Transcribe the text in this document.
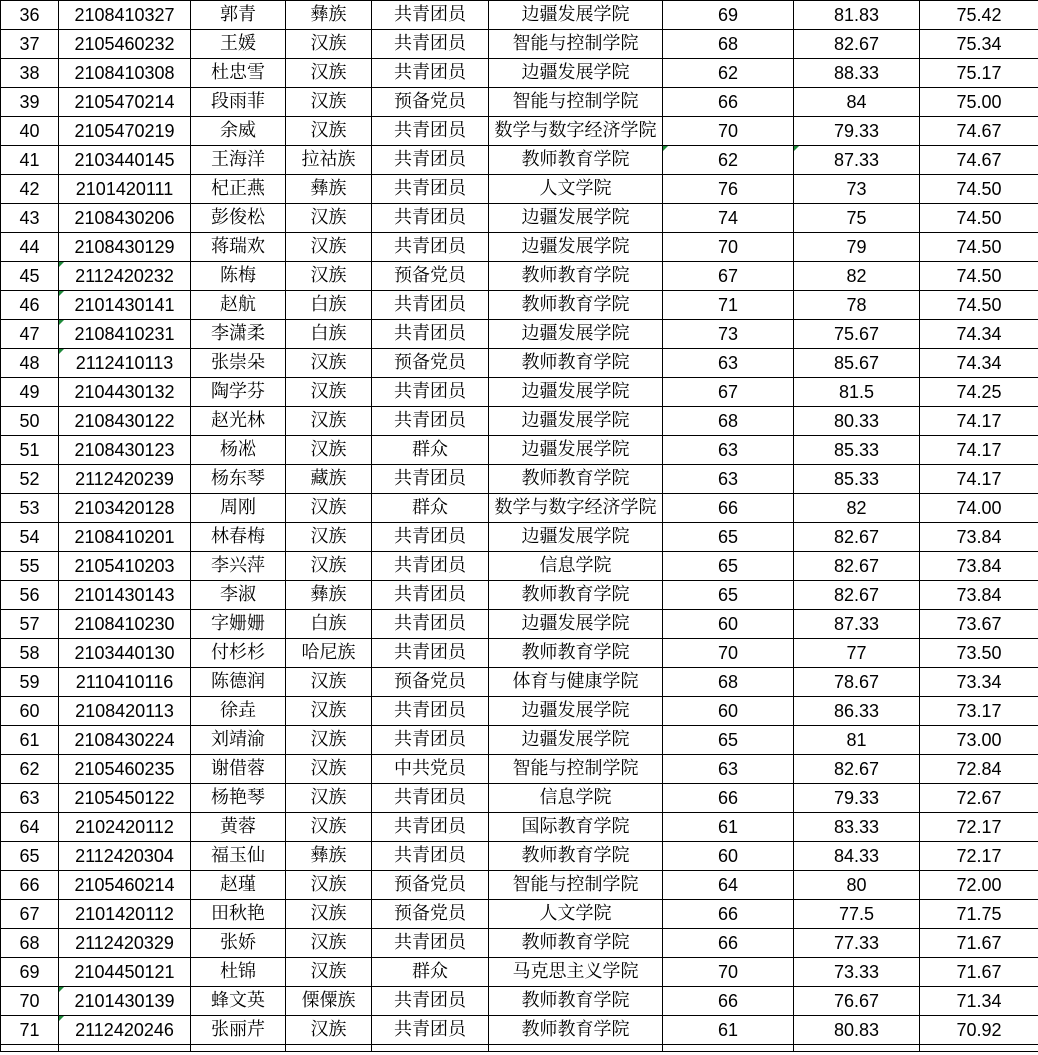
36	2108410327	郭青	彝族	共青团员	边疆发展学院	69	81.83	75.42
37	2105460232	王媛	汉族	共青团员	智能与控制学院	68	82.67	75.34
38	2108410308	杜忠雪	汉族	共青团员	边疆发展学院	62	88.33	75.17
39	2105470214	段雨菲	汉族	预备党员	智能与控制学院	66	84	75.00
40	2105470219	余威	汉族	共青团员	数学与数字经济学院	70	79.33	74.67
41	2103440145	王海洋	拉祜族	共青团员	教师教育学院	62	87.33	74.67
42	2101420111	杞正燕	彝族	共青团员	人文学院	76	73	74.50
43	2108430206	彭俊松	汉族	共青团员	边疆发展学院	74	75	74.50
44	2108430129	蒋瑞欢	汉族	共青团员	边疆发展学院	70	79	74.50
45	2112420232	陈梅	汉族	预备党员	教师教育学院	67	82	74.50
46	2101430141	赵航	白族	共青团员	教师教育学院	71	78	74.50
47	2108410231	李潇柔	白族	共青团员	边疆发展学院	73	75.67	74.34
48	2112410113	张崇朵	汉族	预备党员	教师教育学院	63	85.67	74.34
49	2104430132	陶学芬	汉族	共青团员	边疆发展学院	67	81.5	74.25
50	2108430122	赵光林	汉族	共青团员	边疆发展学院	68	80.33	74.17
51	2108430123	杨凇	汉族	群众	边疆发展学院	63	85.33	74.17
52	2112420239	杨东琴	藏族	共青团员	教师教育学院	63	85.33	74.17
53	2103420128	周刚	汉族	群众	数学与数字经济学院	66	82	74.00
54	2108410201	林春梅	汉族	共青团员	边疆发展学院	65	82.67	73.84
55	2105410203	李兴萍	汉族	共青团员	信息学院	65	82.67	73.84
56	2101430143	李淑	彝族	共青团员	教师教育学院	65	82.67	73.84
57	2108410230	字姗姗	白族	共青团员	边疆发展学院	60	87.33	73.67
58	2103440130	付杉杉	哈尼族	共青团员	教师教育学院	70	77	73.50
59	2110410116	陈德润	汉族	预备党员	体育与健康学院	68	78.67	73.34
60	2108420113	徐垚	汉族	共青团员	边疆发展学院	60	86.33	73.17
61	2108430224	刘靖渝	汉族	共青团员	边疆发展学院	65	81	73.00
62	2105460235	谢借蓉	汉族	中共党员	智能与控制学院	63	82.67	72.84
63	2105450122	杨艳琴	汉族	共青团员	信息学院	66	79.33	72.67
64	2102420112	黄蓉	汉族	共青团员	国际教育学院	61	83.33	72.17
65	2112420304	福玉仙	彝族	共青团员	教师教育学院	60	84.33	72.17
66	2105460214	赵瑾	汉族	预备党员	智能与控制学院	64	80	72.00
67	2101420112	田秋艳	汉族	预备党员	人文学院	66	77.5	71.75
68	2112420329	张娇	汉族	共青团员	教师教育学院	66	77.33	71.67
69	2104450121	杜锦	汉族	群众	马克思主义学院	70	73.33	71.67
70	2101430139	蜂文英	傈僳族	共青团员	教师教育学院	66	76.67	71.34
71	2112420246	张丽芹	汉族	共青团员	教师教育学院	61	80.83	70.92
